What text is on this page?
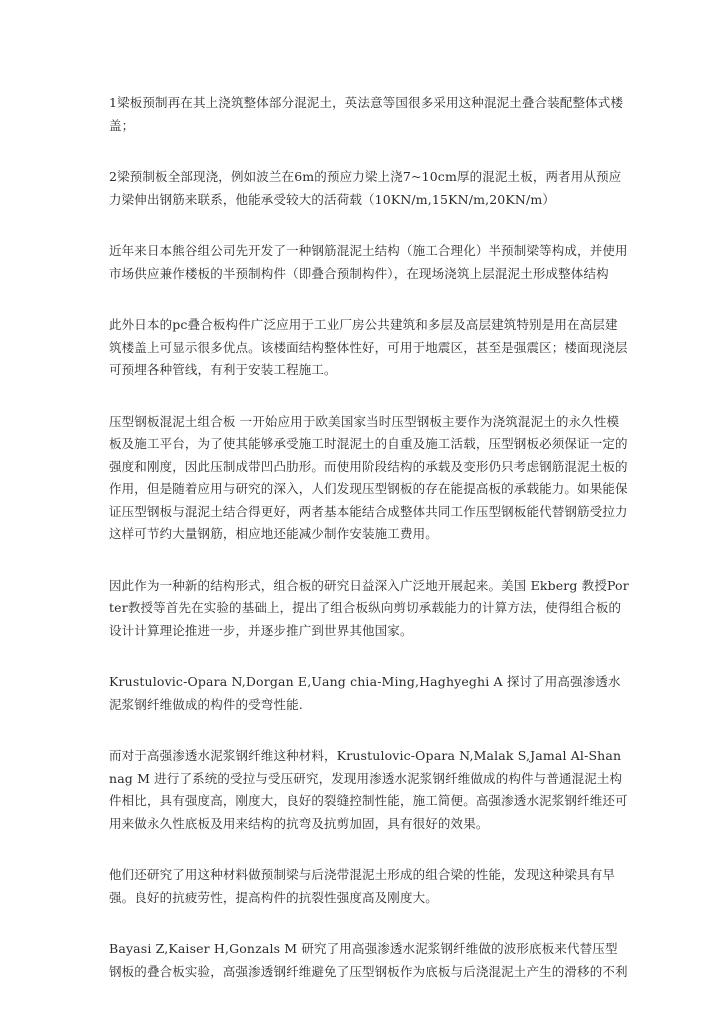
1梁板预制再在其上浇筑整体部分混泥土，英法意等国很多采用这种混泥土叠合装配整体式楼盖；

2梁预制板全部现浇，例如波兰在6m的预应力梁上浇7~10cm厚的混泥土板，两者用从预应力梁伸出钢筋来联系，他能承受较大的活荷载（10KN/m,15KN/m,20KN/m）

近年来日本熊谷组公司先开发了一种钢筋混泥土结构（施工合理化）半预制梁等构成，并使用市场供应兼作楼板的半预制构件（即叠合预制构件），在现场浇筑上层混泥土形成整体结构

此外日本的pc叠合板构件广泛应用于工业厂房公共建筑和多层及高层建筑特别是用在高层建筑楼盖上可显示很多优点。该楼面结构整体性好，可用于地震区，甚至是强震区；楼面现浇层可预埋各种管线，有利于安装工程施工。

压型钢板混泥土组合板 一开始应用于欧美国家当时压型钢板主要作为浇筑混泥土的永久性模板及施工平台，为了使其能够承受施工时混泥土的自重及施工活载，压型钢板必须保证一定的强度和刚度，因此压制成带凹凸肋形。而使用阶段结构的承载及变形仍只考虑钢筋混泥土板的作用，但是随着应用与研究的深入，人们发现压型钢板的存在能提高板的承载能力。如果能保证压型钢板与混泥土结合得更好，两者基本能结合成整体共同工作压型钢板能代替钢筋受拉力这样可节约大量钢筋，相应地还能减少制作安装施工费用。

因此作为一种新的结构形式，组合板的研究日益深入广泛地开展起来。美国 Ekberg 教授Porter教授等首先在实验的基础上，提出了组合板纵向剪切承载能力的计算方法，使得组合板的设计计算理论推进一步，并逐步推广到世界其他国家。

Krustulovic-Opara N,Dorgan E,Uang chia-Ming,Haghyeghi A 探讨了用高强渗透水泥浆钢纤维做成的构件的受弯性能.

而对于高强渗透水泥浆钢纤维这种材料，Krustulovic-Opara N,Malak S,Jamal Al-Shannag M 进行了系统的受拉与受压研究，发现用渗透水泥浆钢纤维做成的构件与普通混泥土构件相比，具有强度高，刚度大，良好的裂缝控制性能，施工简便。高强渗透水泥浆钢纤维还可用来做永久性底板及用来结构的抗弯及抗剪加固，具有很好的效果。

他们还研究了用这种材料做预制梁与后浇带混泥土形成的组合梁的性能，发现这种梁具有早强。良好的抗疲劳性，提高构件的抗裂性强度高及刚度大。

Bayasi Z,Kaiser H,Gonzals M 研究了用高强渗透水泥浆钢纤维做的波形底板来代替压型钢板的叠合板实验，高强渗透钢纤维避免了压型钢板作为底板与后浇混泥土产生的滑移的不利
